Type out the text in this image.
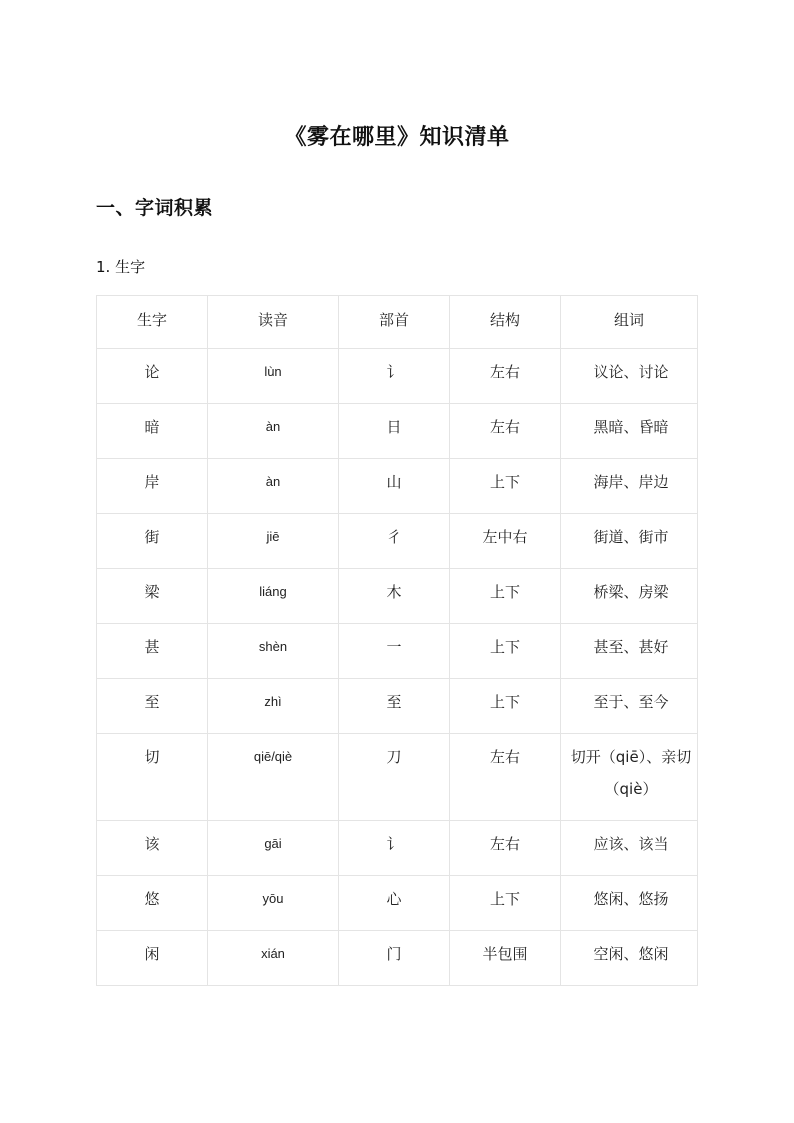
《雾在哪里》知识清单
一、字词积累
1. 生字
生字	读音	部首	结构	组词
论	lùn	讠	左右	议论、讨论
暗	àn	日	左右	黑暗、昏暗
岸	àn	山	上下	海岸、岸边
街	jiē	彳	左中右	街道、街市
梁	liáng	木	上下	桥梁、房梁
甚	shèn	一	上下	甚至、甚好
至	zhì	至	上下	至于、至今
切	qiē/qiè	刀	左右	切开（qiē）、亲切（qiè）
该	gāi	讠	左右	应该、该当
悠	yōu	心	上下	悠闲、悠扬
闲	xián	门	半包围	空闲、悠闲
